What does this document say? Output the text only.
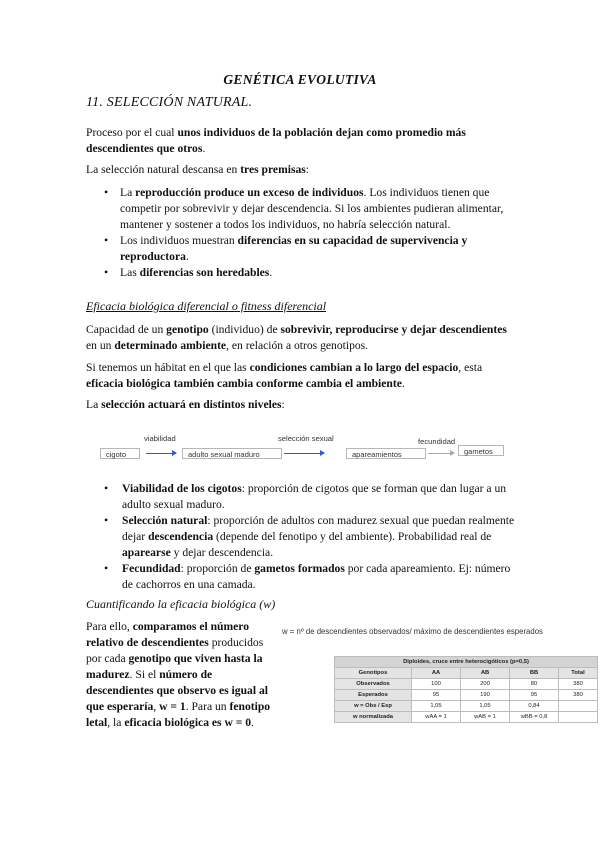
GENÉTICA EVOLUTIVA
11. SELECCIÓN NATURAL.
Proceso por el cual unos individuos de la población dejan como promedio más descendientes que otros.
La selección natural descansa en tres premisas:
• La reproducción produce un exceso de individuos. Los individuos tienen que competir por sobrevivir y dejar descendencia. Si los ambientes pudieran alimentar, mantener y sostener a todos los individuos, no habría selección natural.
• Los individuos muestran diferencias en su capacidad de supervivencia y reproductora.
• Las diferencias son heredables.
Eficacia biológica diferencial o fitness diferencial
Capacidad de un genotipo (individuo) de sobrevivir, reproducirse y dejar descendientes en un determinado ambiente, en relación a otros genotipos.
Si tenemos un hábitat en el que las condiciones cambian a lo largo del espacio, esta eficacia biológica también cambia conforme cambia el ambiente.
La selección actuará en distintos niveles:
viabilidad	selección sexual	fecundidad
cigoto	adulto sexual maduro	apareamientos	gametos
• Viabilidad de los cigotos: proporción de cigotos que se forman que dan lugar a un adulto sexual maduro.
• Selección natural: proporción de adultos con madurez sexual que puedan realmente dejar descendencia (depende del fenotipo y del ambiente). Probabilidad real de aparearse y dejar descendencia.
• Fecundidad: proporción de gametos formados por cada apareamiento. Ej: número de cachorros en una camada.
Cuantificando la eficacia biológica (w)
Para ello, comparamos el número relativo de descendientes producidos por cada genotipo que viven hasta la madurez. Si el número de descendientes que observo es igual al que esperaría, w = 1. Para un fenotipo letal, la eficacia biológica es w = 0.
w = nº de descendientes observados/ máximo de descendientes esperados
Diploides, cruce entre heterocigóticos (p=0,5)				
Genotipos	AA	AB	BB	Total
Observados	100	200	80	380
Esperados	95	190	95	380
w = Obs / Esp	1,05	1,05	0,84	
w normalizada	wAA = 1	wAB = 1	wBB = 0,8	
